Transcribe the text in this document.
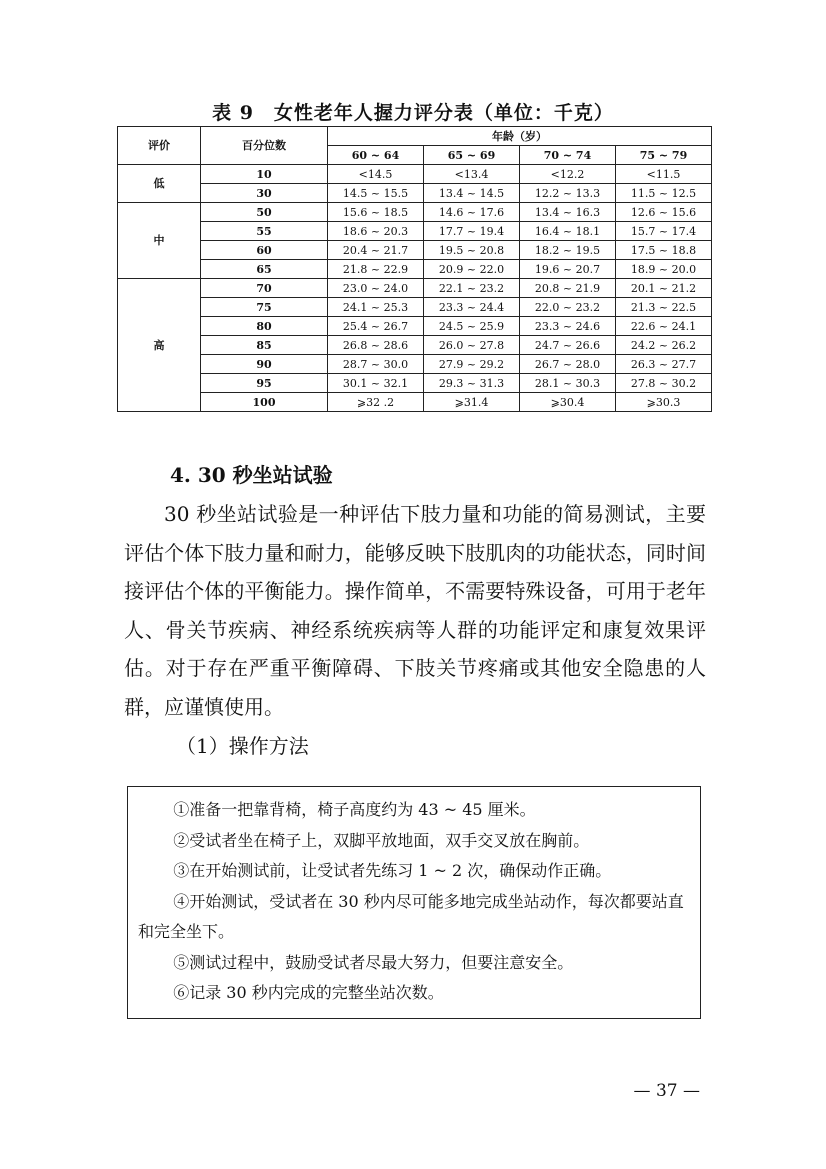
表 9　女性老年人握力评分表（单位：千克）
评价	百分位数	年龄（岁）			
		60 ~ 64	65 ~ 69	70 ~ 74	75 ~ 79
低	10	<14.5	<13.4	<12.2	<11.5
	30	14.5 ~ 15.5	13.4 ~ 14.5	12.2 ~ 13.3	11.5 ~ 12.5
中	50	15.6 ~ 18.5	14.6 ~ 17.6	13.4 ~ 16.3	12.6 ~ 15.6
	55	18.6 ~ 20.3	17.7 ~ 19.4	16.4 ~ 18.1	15.7 ~ 17.4
	60	20.4 ~ 21.7	19.5 ~ 20.8	18.2 ~ 19.5	17.5 ~ 18.8
	65	21.8 ~ 22.9	20.9 ~ 22.0	19.6 ~ 20.7	18.9 ~ 20.0
高	70	23.0 ~ 24.0	22.1 ~ 23.2	20.8 ~ 21.9	20.1 ~ 21.2
	75	24.1 ~ 25.3	23.3 ~ 24.4	22.0 ~ 23.2	21.3 ~ 22.5
	80	25.4 ~ 26.7	24.5 ~ 25.9	23.3 ~ 24.6	22.6 ~ 24.1
	85	26.8 ~ 28.6	26.0 ~ 27.8	24.7 ~ 26.6	24.2 ~ 26.2
	90	28.7 ~ 30.0	27.9 ~ 29.2	26.7 ~ 28.0	26.3 ~ 27.7
	95	30.1 ~ 32.1	29.3 ~ 31.3	28.1 ~ 30.3	27.8 ~ 30.2
	100	⩾32 .2	⩾31.4	⩾30.4	⩾30.3
4. 30 秒坐站试验
30 秒坐站试验是一种评估下肢力量和功能的简易测试，主要评估个体下肢力量和耐力，能够反映下肢肌肉的功能状态，同时间接评估个体的平衡能力。操作简单，不需要特殊设备，可用于老年人、骨关节疾病、神经系统疾病等人群的功能评定和康复效果评估。对于存在严重平衡障碍、下肢关节疼痛或其他安全隐患的人群，应谨慎使用。
（1）操作方法
①准备一把靠背椅，椅子高度约为 43 ~ 45 厘米。
②受试者坐在椅子上，双脚平放地面，双手交叉放在胸前。
③在开始测试前，让受试者先练习 1 ~ 2 次，确保动作正确。
④开始测试，受试者在 30 秒内尽可能多地完成坐站动作，每次都要站直和完全坐下。
⑤测试过程中，鼓励受试者尽最大努力，但要注意安全。
⑥记录 30 秒内完成的完整坐站次数。
— 37 —
